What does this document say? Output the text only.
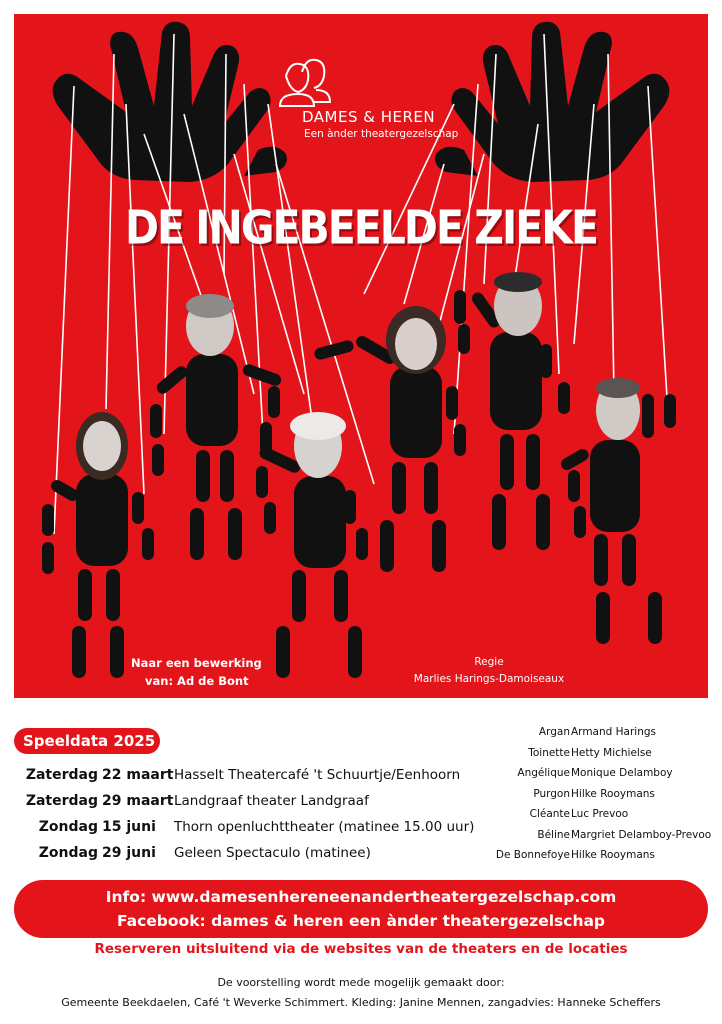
DAMES & HEREN
Een ànder theatergezelschap
DE INGEBEELDE ZIEKE
Naar een bewerking
van: Ad de Bont
Regie
Marlies Harings-Damoiseaux
Speeldata 2025
Zaterdag 22 maart Hasselt Theatercafé 't Schuurtje/Eenhoorn
Zaterdag 29 maart Landgraaf theater Landgraaf
Zondag 15 juni Thorn openluchttheater (matinee 15.00 uur)
Zondag 29 juni Geleen Spectaculo (matinee)
Argan Armand Harings
Toinette Hetty Michielse
Angélique Monique Delamboy
Purgon Hilke Rooymans
Cléante Luc Prevoo
Béline Margriet Delamboy-Prevoo
De Bonnefoye Hilke Rooymans
Info: www.damesenhereneenandertheatergezelschap.com
Facebook: dames & heren een ànder theatergezelschap
Reserveren uitsluitend via de websites van de theaters en de locaties
De voorstelling wordt mede mogelijk gemaakt door:
Gemeente Beekdaelen, Café 't Weverke Schimmert. Kleding: Janine Mennen, zangadvies: Hanneke Scheffers
